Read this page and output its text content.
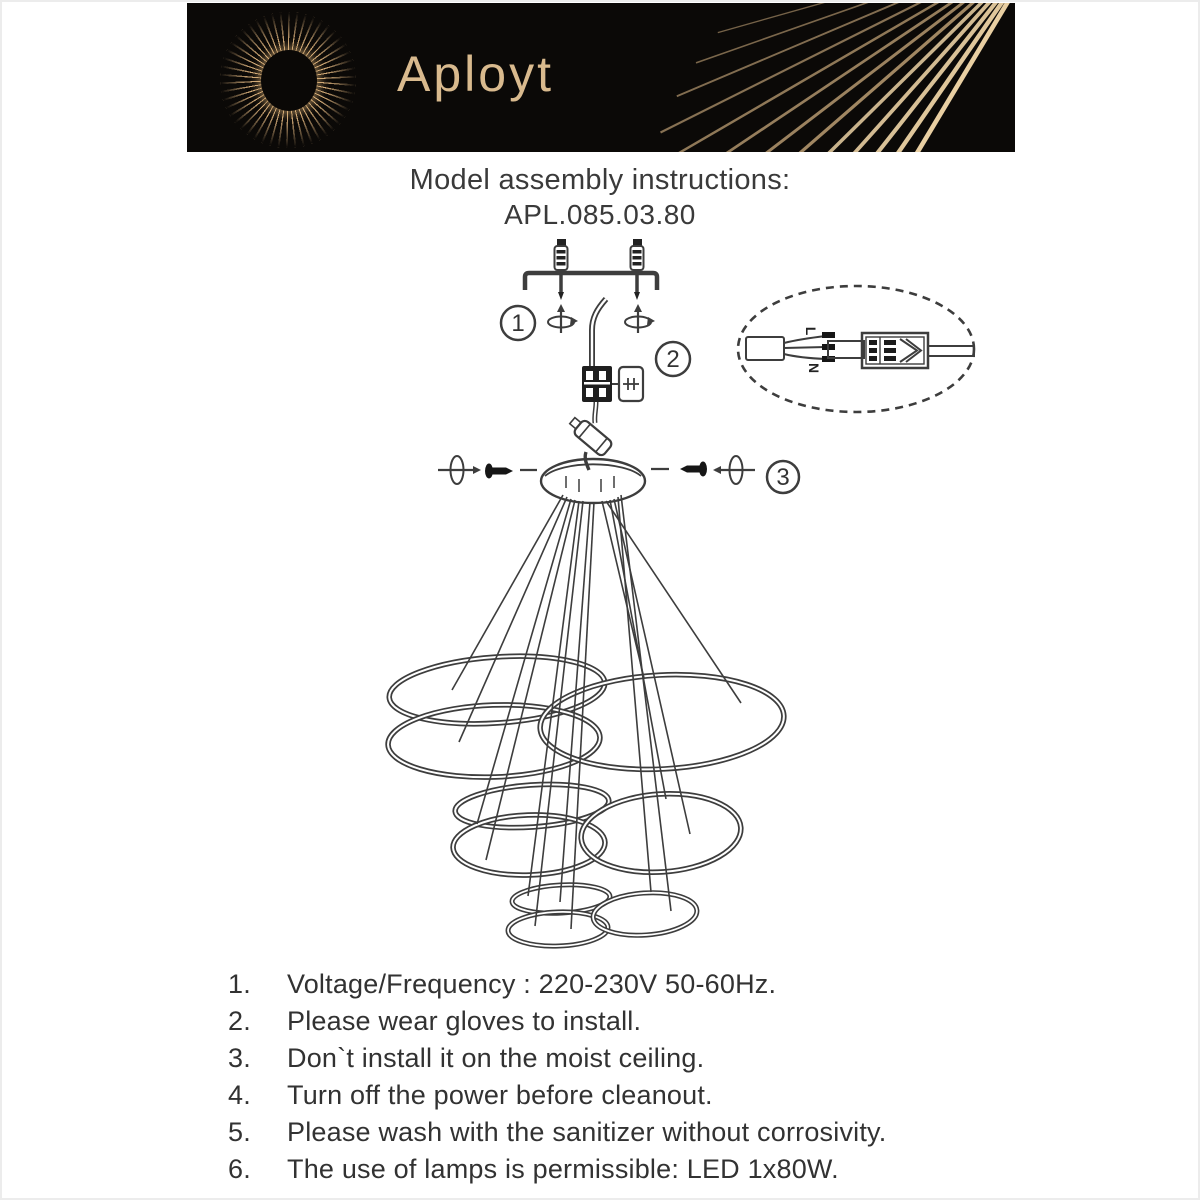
Aployt
Model assembly instructions:
APL.085.03.80
1
2
3
L
N
1.	Voltage/Frequency : 220-230V 50-60Hz.
2.	Please wear gloves to install.
3.	Don`t install it on the moist ceiling.
4.	Turn off the power before cleanout.
5.	Please wash with the sanitizer without corrosivity.
6.	The use of lamps is permissible: LED 1x80W.
